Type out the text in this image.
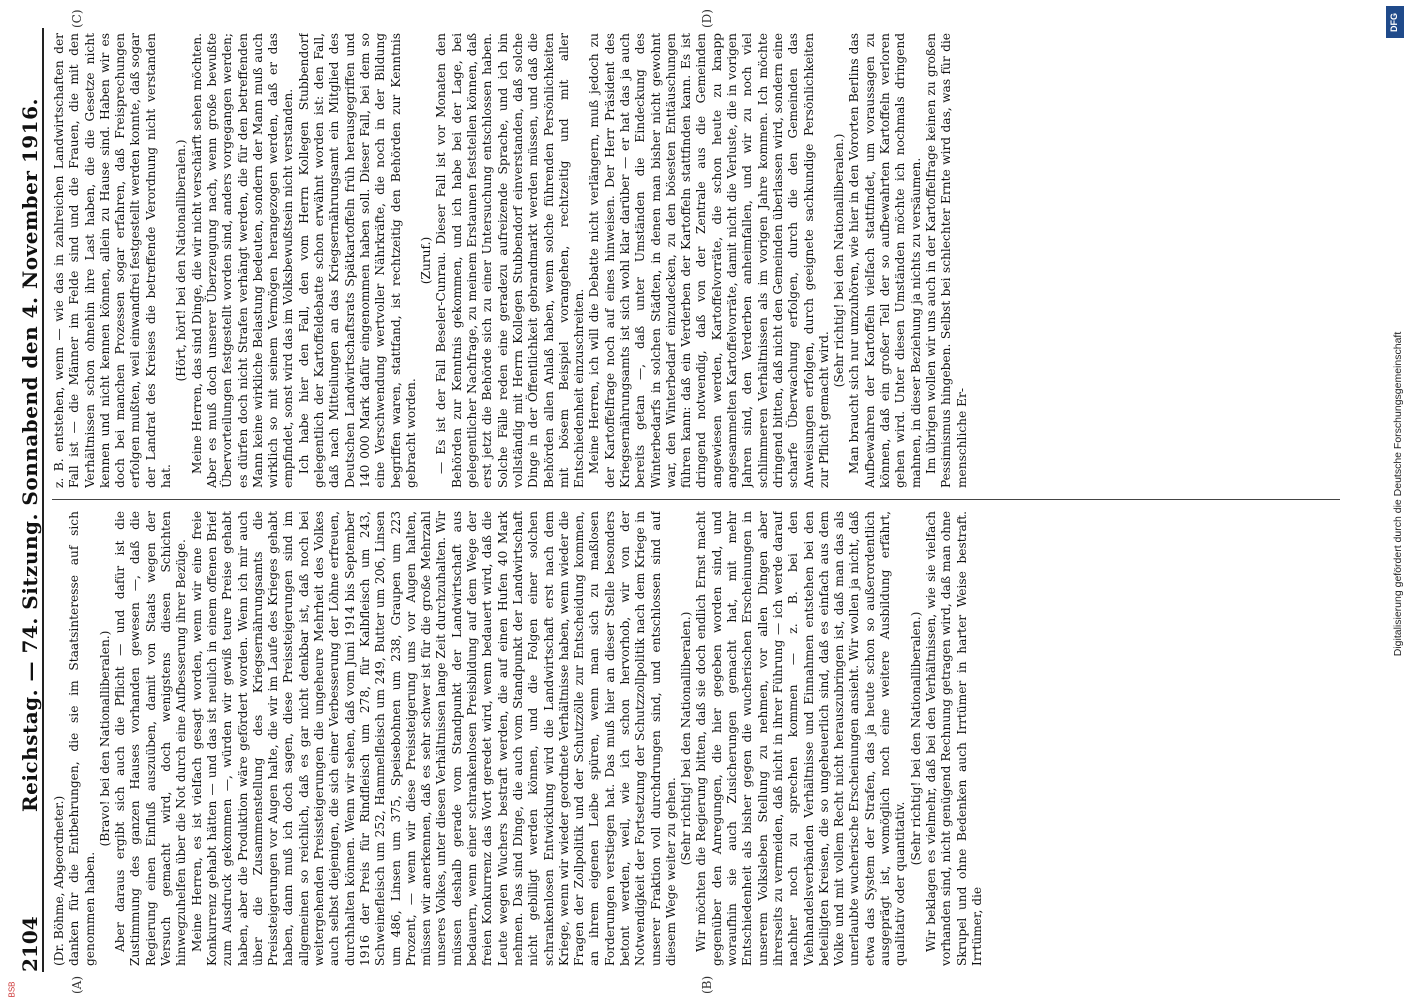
2104
Reichstag. — 74. Sitzung. Sonnabend den 4. November 1916.
(A)	(B)
(C)	(D)

(Dr. Böhme, Abgeordneter.) danken für die Entbehrungen, die sie im Staatsinteresse auf sich genommen haben.

(Bravo! bei den Nationalliberalen.) Aber daraus ergibt sich auch die Pflicht — und dafür ist die Zustimmung des ganzen Hauses vorhanden gewesen —, daß die Regierung einen Einfluß auszuüben, damit von Staats wegen der Versuch gemacht wird, doch wenigstens diesen Schichten hinwegzuhelfen über die Not durch eine Aufbesserung ihrer Bezüge. Meine Herren, es ist vielfach gesagt worden, wenn wir eine freie Konkurrenz gehabt hätten — und das ist neulich in einem offenen Brief zum Ausdruck gekommen —, würden wir gewiß teure Preise gehabt haben, aber die Produktion wäre gefördert worden. Wenn ich mir auch über die Zusammenstellung des Kriegsernährungsamts die Preissteigerungen vor Augen halte, die wir im Laufe des Krieges gehabt haben, dann muß ich doch sagen, diese Preissteigerungen sind im allgemeinen so reichlich, daß es gar nicht denkbar ist, daß noch bei weitergehenden Preissteigerungen die ungeheure Mehrheit des Volkes auch selbst diejenigen, die sich einer Verbesserung der Löhne erfreuen, durchhalten können. Wenn wir sehen, daß vom Juni 1914 bis September 1916 der Preis für Rindfleisch um 278, für Kalbfleisch um 243, Schweinefleisch um 252, Hammelfleisch um 249, Butter um 206, Linsen um 486, Linsen um 375, Speisebohnen um 238, Graupen um 223 Prozent, — wenn wir diese Preissteigerung uns vor Augen halten, müssen wir anerkennen, daß es sehr schwer ist für die große Mehrzahl unseres Volkes, unter diesen Verhältnissen lange Zeit durchzuhalten. Wir müssen deshalb gerade vom Standpunkt der Landwirtschaft aus bedauern, wenn einer schrankenlosen Preisbildung auf dem Wege der freien Konkurrenz das Wort geredet wird, wenn bedauert wird, daß die Leute wegen Wuchers bestraft werden, die auf einen Hufen 40 Mark nehmen. Das sind Dinge, die auch vom Standpunkt der Landwirtschaft nicht gebilligt werden können, und die Folgen einer solchen schrankenlosen Entwicklung wird die Landwirtschaft erst nach dem Kriege, wenn wir wieder geordnete Verhältnisse haben, wenn wieder die Fragen der Zollpolitik und der Schutzzölle zur Entscheidung kommen, an ihrem eigenen Leibe spüren, wenn man sich zu maßlosen Forderungen verstiegen hat. Das muß hier an dieser Stelle besonders betont werden, weil, wie ich schon hervorhob, wir von der Notwendigkeit der Fortsetzung der Schutzzollpolitik nach dem Kriege in unserer Fraktion voll durchdrungen sind, und entschlossen sind auf diesem Wege weiter zu gehen.

(Sehr richtig! bei den Nationalliberalen.) Wir möchten die Regierung bitten, daß sie doch endlich Ernst macht gegenüber den Anregungen, die hier gegeben worden sind, und woraufhin sie auch Zusicherungen gemacht hat, mit mehr Entschiedenheit als bisher gegen die wucherischen Erscheinungen in unserem Volksleben Stellung zu nehmen, vor allen Dingen aber ihrerseits zu vermeiden, daß nicht in ihrer Führung — ich werde darauf nachher noch zu sprechen kommen — z. B. bei den Viehhandelsverbänden Verhältnisse und Einnahmen entstehen bei den beteiligten Kreisen, die so ungeheuerlich sind, daß es einfach aus dem Volke und mit vollem Recht nicht herauszubringen ist, daß man das als unerlaubte wucherische Erscheinungen ansieht. Wir wollen ja nicht, daß etwa das System der Strafen, das ja heute schon so außerordentlich ausgeprägt ist, womöglich noch eine weitere Ausbildung erfährt, qualitativ oder quantitativ.

(Sehr richtig! bei den Nationalliberalen.) Wir beklagen es vielmehr, daß bei den Verhältnissen, wie sie vielfach vorhanden sind, nicht genügend Rechnung getragen wird, daß man ohne Skrupel und ohne Bedenken auch Irrtümer in harter Weise bestraft. Irrtümer, die

z. B. entstehen, wenn — wie das in zahlreichen Landwirtschaften der Fall ist — die Männer im Felde sind und die Frauen, die mit den Verhältnissen schon ohnehin ihre Last haben, die die Gesetze nicht kennen und nicht kennen können, allein zu Hause sind. Haben wir es doch bei manchen Prozessen sogar erfahren, daß Freisprechungen erfolgen mußten, weil einwandfrei festgestellt werden konnte, daß sogar der Landrat des Kreises die betreffende Verordnung nicht verstanden hat.

(Hört, hört! bei den Nationalliberalen.) Meine Herren, das sind Dinge, die wir nicht verschärft sehen möchten. Aber es muß doch unserer Überzeugung nach, wenn große bewußte Übervorteilungen festgestellt worden sind, anders vorgegangen werden; es dürfen doch nicht Strafen verhängt werden, die für den betreffenden Mann keine wirkliche Belastung bedeuten, sondern der Mann muß auch wirklich so mit seinem Vermögen herangezogen werden, daß er das empfindet, sonst wird das im Volksbewußtsein nicht verstanden. Ich habe hier den Fall, den vom Herrn Kollegen Stubbendorf gelegentlich der Kartoffeldebatte schon erwähnt worden ist: den Fall, daß nach Mitteilungen an das Kriegsernährungsamt ein Mitglied des Deutschen Landwirtschaftsrats Spätkartoffeln früh herausgegriffen und 140 000 Mark dafür eingenommen haben soll. Dieser Fall, bei dem so eine Verschwendung wertvoller Nährkräfte, die noch in der Bildung begriffen waren, stattfand, ist rechtzeitig den Behörden zur Kenntnis gebracht worden.

(Zuruf.) — Es ist der Fall Beseler-Cunrau. Dieser Fall ist vor Monaten den Behörden zur Kenntnis gekommen, und ich habe bei der Lage, bei gelegentlicher Nachfrage, zu meinem Erstaunen feststellen können, daß erst jetzt die Behörde sich zu einer Untersuchung entschlossen haben. Solche Fälle reden eine geradezu aufreizende Sprache, und ich bin vollständig mit Herrn Kollegen Stubbendorf einverstanden, daß solche Dinge in der Öffentlichkeit gebrandmarkt werden müssen, und daß die Behörden allen Anlaß haben, wenn solche führenden Persönlichkeiten mit bösem Beispiel vorangehen, rechtzeitig und mit aller Entschiedenheit einzuschreiten. Meine Herren, ich will die Debatte nicht verlängern, muß jedoch zu der Kartoffelfrage noch auf eines hinweisen. Der Herr Präsident des Kriegsernährungsamts ist sich wohl klar darüber — er hat das ja auch bereits getan —, daß unter Umständen die Eindeckung des Winterbedarfs in solchen Städten, in denen man bisher nicht gewohnt war, den Winterbedarf einzudecken, zu den bösesten Enttäuschungen führen kann: daß ein Verderben der Kartoffeln stattfinden kann. Es ist dringend notwendig, daß von der Zentrale aus die Gemeinden angewiesen werden, Kartoffelvorräte, die schon heute zu knapp angesammelten Kartoffelvorräte, damit nicht die Verluste, die in vorigen Jahren sind, den Verderben anheimfallen, und wir zu noch viel schlimmeren Verhältnissen als im vorigen Jahre kommen. Ich möchte dringend bitten, daß nicht den Gemeinden überlassen wird, sondern eine scharfe Überwachung erfolgen, durch die den Gemeinden das Anweisungen erfolgen, durch geeignete sachkundige Persönlichkeiten zur Pflicht gemacht wird.

(Sehr richtig! bei den Nationalliberalen.) Man braucht sich nur umzuhören, wie hier in den Vororten Berlins das Aufbewahren der Kartoffeln vielfach stattfindet, um voraussagen zu können, daß ein großer Teil der so aufbewahrten Kartoffeln verloren gehen wird. Unter diesen Umständen möchte ich nochmals dringend mahnen, in dieser Beziehung ja nichts zu versäumen. Im übrigen wollen wir uns auch in der Kartoffelfrage keinen zu großen Pessimismus hingeben. Selbst bei schlechter Ernte wird das, was für die menschliche Er-	Digitalisierung gefördert durch die Deutsche Forschungsgemeinschaft
DFG
BSB
